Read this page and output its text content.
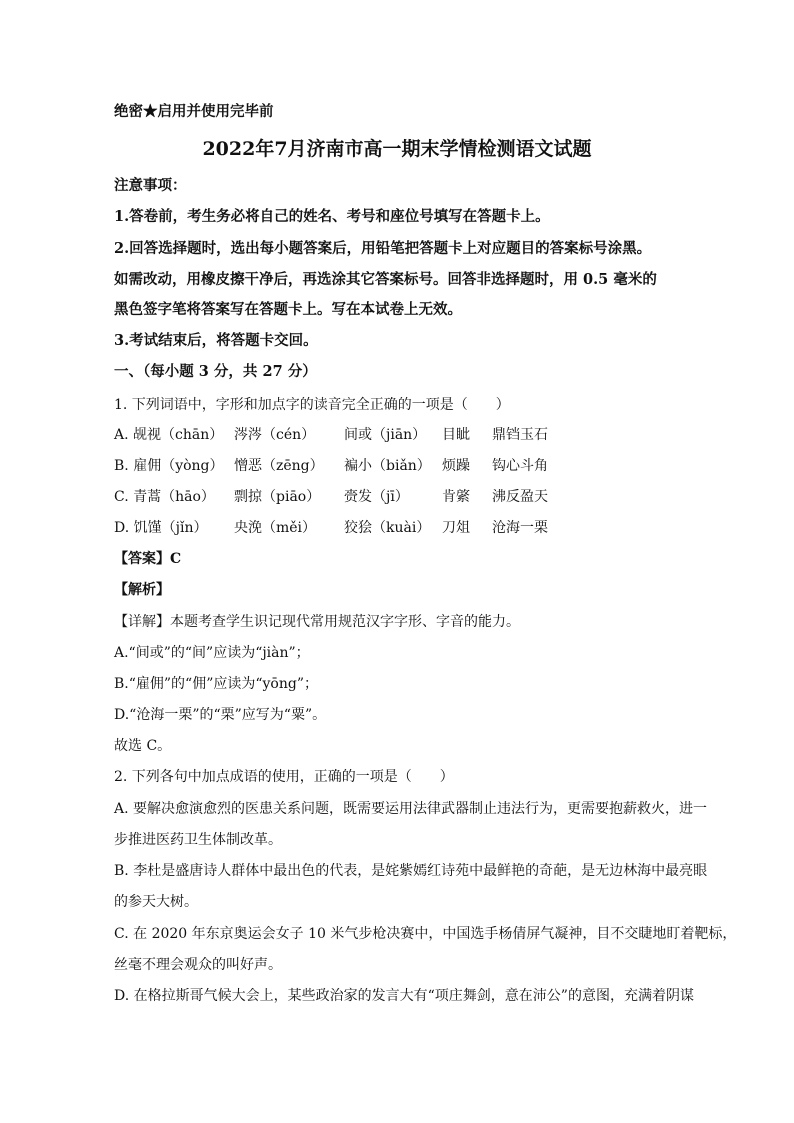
绝密★启用并使用完毕前
2022年7月济南市高一期末学情检测语文试题
注意事项：
1.答卷前，考生务必将自己的姓名、考号和座位号填写在答题卡上。
2.回答选择题时，选出每小题答案后，用铅笔把答题卡上对应题目的答案标号涂黑。
如需改动，用橡皮擦干净后，再选涂其它答案标号。回答非选择题时，用 0.5 毫米的
黑色签字笔将答案写在答题卡上。写在本试卷上无效。
3.考试结束后，将答题卡交回。
一、（每小题 3 分，共 27 分）
1. 下列词语中，字形和加点字的读音完全正确的一项是（　　）
A. 觇视（chān） 涔涔（cén） 间或（jiān） 目眦 鼎铛玉石
B. 雇佣（yòng） 憎恶（zēng） 褊小（biǎn） 烦躁 钩心斗角
C. 青蒿（hāo） 剽掠（piāo） 赍发（jī） 肯綮 沸反盈天
D. 饥馑（jǐn） 央浼（měi） 狡狯（kuài） 刀俎 沧海一栗
【答案】C
【解析】
【详解】本题考查学生识记现代常用规范汉字字形、字音的能力。
A.“间或”的“间”应读为“jiàn”；
B.“雇佣”的“佣”应读为“yōng”；
D.“沧海一栗”的“栗”应写为“粟”。
故选 C。
2. 下列各句中加点成语的使用，正确的一项是（　　）
A. 要解决愈演愈烈的医患关系问题，既需要运用法律武器制止违法行为，更需要抱薪救火，进一
步推进医药卫生体制改革。
B. 李杜是盛唐诗人群体中最出色的代表，是姹紫嫣红诗苑中最鲜艳的奇葩，是无边林海中最亮眼
的参天大树。
C. 在 2020 年东京奥运会女子 10 米气步枪决赛中，中国选手杨倩屏气凝神，目不交睫地盯着靶标，
丝毫不理会观众的叫好声。
D. 在格拉斯哥气候大会上，某些政治家的发言大有“项庄舞剑，意在沛公”的意图，充满着阴谋
